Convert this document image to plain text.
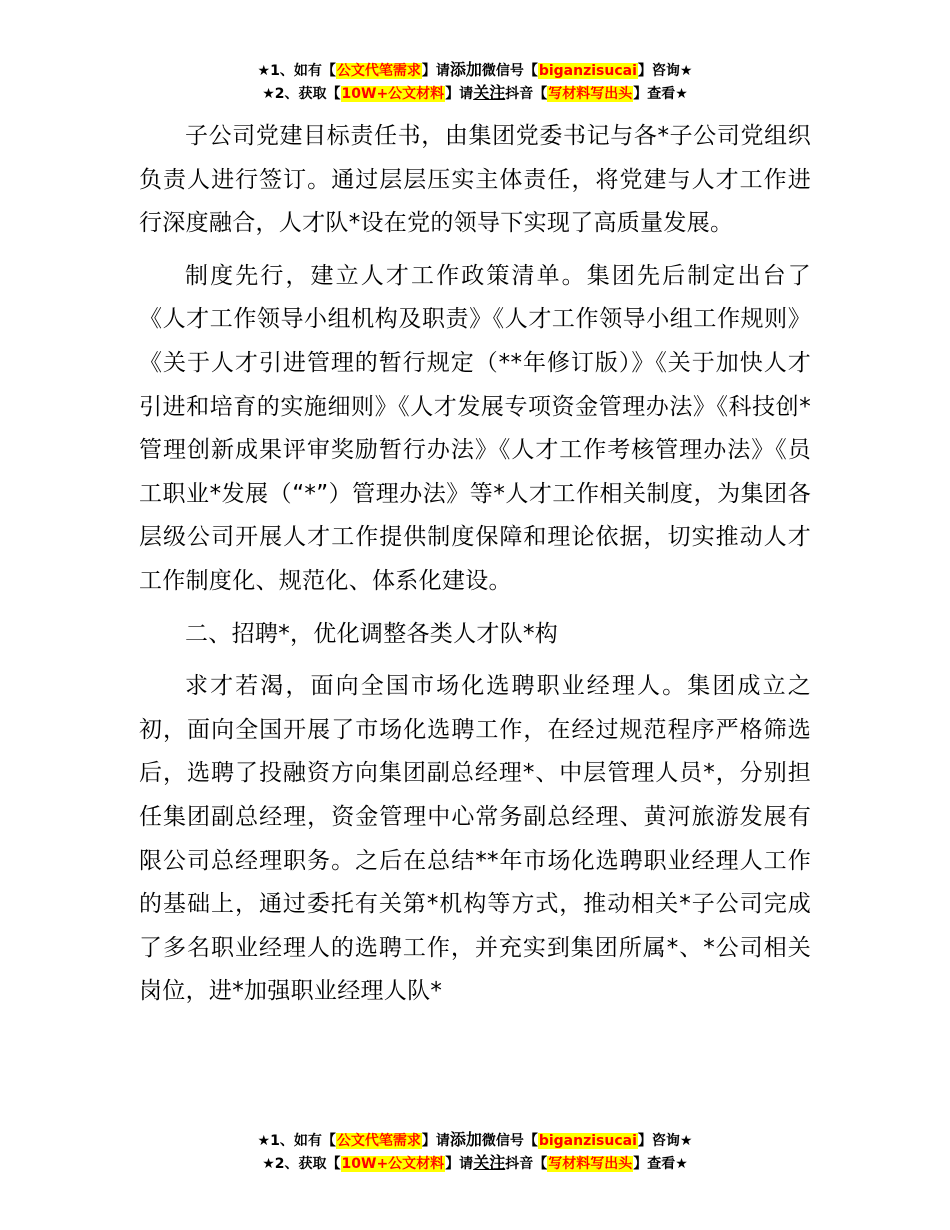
★1、如有【公文代笔需求】请添加微信号【biganzisucai】咨询★
★2、获取【10W+公文材料】请关注抖音【写材料写出头】查看★

子公司党建目标责任书，由集团党委书记与各*子公司党组织负责人进行签订。通过层层压实主体责任，将党建与人才工作进行深度融合，人才队*设在党的领导下实现了高质量发展。

制度先行，建立人才工作政策清单。集团先后制定出台了《人才工作领导小组机构及职责》《人才工作领导小组工作规则》《关于人才引进管理的暂行规定（**年修订版）》《关于加快人才引进和培育的实施细则》《人才发展专项资金管理办法》《科技创*管理创新成果评审奖励暂行办法》《人才工作考核管理办法》《员工职业*发展（“*”）管理办法》等*人才工作相关制度，为集团各层级公司开展人才工作提供制度保障和理论依据，切实推动人才工作制度化、规范化、体系化建设。

二、招聘*，优化调整各类人才队*构

求才若渴，面向全国市场化选聘职业经理人。集团成立之初，面向全国开展了市场化选聘工作，在经过规范程序严格筛选后，选聘了投融资方向集团副总经理*、中层管理人员*，分别担任集团副总经理，资金管理中心常务副总经理、黄河旅游发展有限公司总经理职务。之后在总结**年市场化选聘职业经理人工作的基础上，通过委托有关第*机构等方式，推动相关*子公司完成了多名职业经理人的选聘工作，并充实到集团所属*、*公司相关岗位，进*加强职业经理人队*

★1、如有【公文代笔需求】请添加微信号【biganzisucai】咨询★
★2、获取【10W+公文材料】请关注抖音【写材料写出头】查看★
